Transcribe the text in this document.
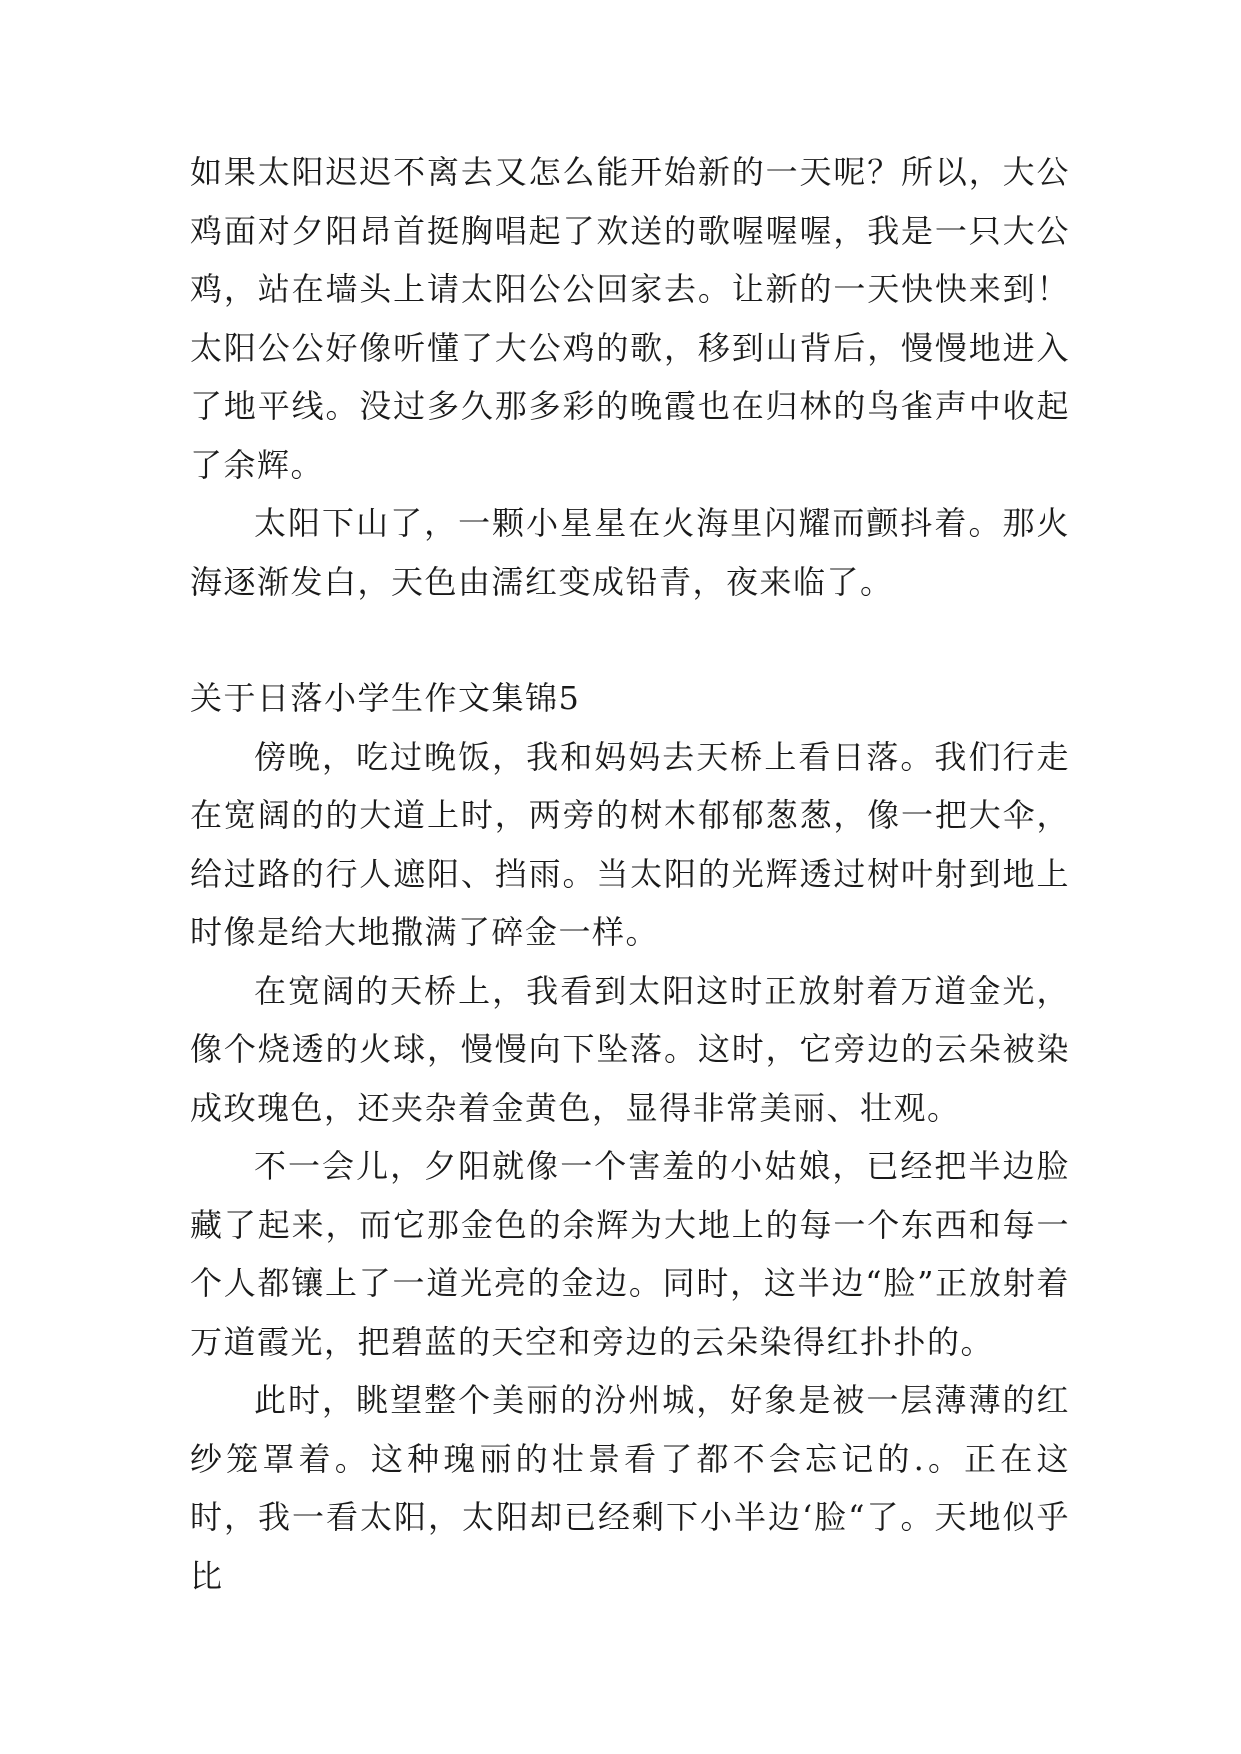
如果太阳迟迟不离去又怎么能开始新的一天呢？所以，大公鸡面对夕阳昂首挺胸唱起了欢送的歌喔喔喔，我是一只大公鸡，站在墙头上请太阳公公回家去。让新的一天快快来到！太阳公公好像听懂了大公鸡的歌，移到山背后，慢慢地进入了地平线。没过多久那多彩的晚霞也在归林的鸟雀声中收起了余辉。

太阳下山了，一颗小星星在火海里闪耀而颤抖着。那火海逐渐发白，天色由濡红变成铅青，夜来临了。

关于日落小学生作文集锦5

傍晚，吃过晚饭，我和妈妈去天桥上看日落。我们行走在宽阔的的大道上时，两旁的树木郁郁葱葱，像一把大伞，给过路的行人遮阳、挡雨。当太阳的光辉透过树叶射到地上时像是给大地撒满了碎金一样。

在宽阔的天桥上，我看到太阳这时正放射着万道金光，像个烧透的火球，慢慢向下坠落。这时，它旁边的云朵被染成玫瑰色，还夹杂着金黄色，显得非常美丽、壮观。

不一会儿，夕阳就像一个害羞的小姑娘，已经把半边脸藏了起来，而它那金色的余辉为大地上的每一个东西和每一个人都镶上了一道光亮的金边。同时，这半边“脸”正放射着万道霞光，把碧蓝的天空和旁边的云朵染得红扑扑的。

此时，眺望整个美丽的汾州城，好象是被一层薄薄的红纱笼罩着。这种瑰丽的壮景看了都不会忘记的.。正在这时，我一看太阳，太阳却已经剩下小半边‘脸“了。天地似乎比
